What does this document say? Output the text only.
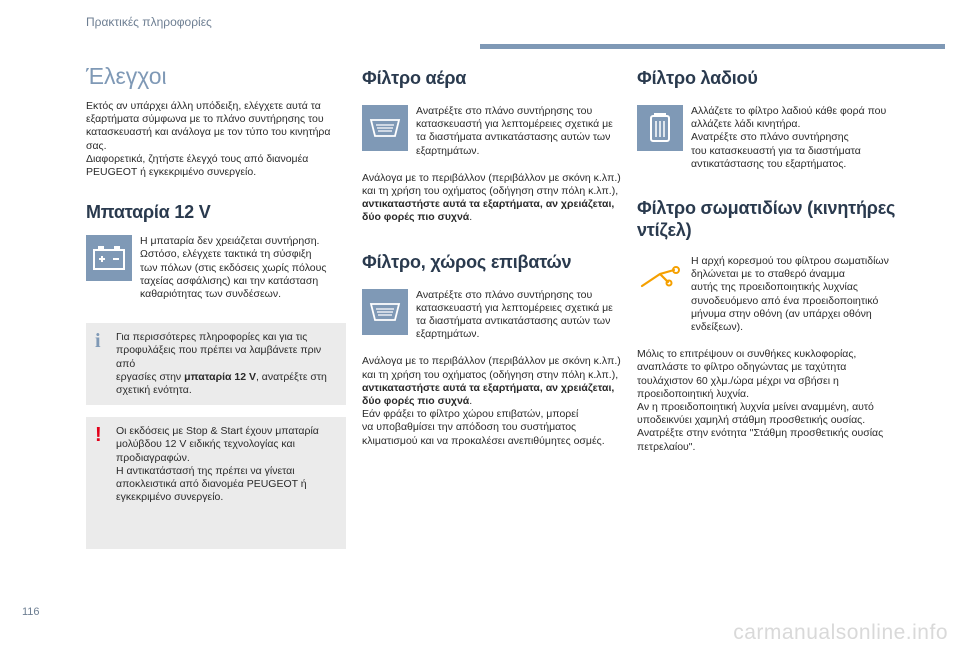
Πρακτικές πληροφορίες
Έλεγχοι
Εκτός αν υπάρχει άλλη υπόδειξη, ελέγχετε αυτά τα
εξαρτήματα σύμφωνα με το πλάνο συντήρησης του
κατασκευαστή και ανάλογα με τον τύπο του κινητήρα
σας.
Διαφορετικά, ζητήστε έλεγχό τους από διανομέα
PEUGEOT ή εγκεκριμένο συνεργείο.
Μπαταρία 12 V
Η μπαταρία δεν χρειάζεται συντήρηση.
Ωστόσο, ελέγχετε τακτικά τη σύσφιξη
των πόλων (στις εκδόσεις χωρίς πόλους
ταχείας ασφάλισης) και την κατάσταση
καθαριότητας των συνδέσεων.
i Για περισσότερες πληροφορίες και για τις
προφυλάξεις που πρέπει να λαμβάνετε πριν από
εργασίες στην μπαταρία 12 V, ανατρέξτε στη
σχετική ενότητα.
! Οι εκδόσεις με Stop & Start έχουν μπαταρία
μολύβδου 12 V ειδικής τεχνολογίας και
προδιαγραφών.
Η αντικατάστασή της πρέπει να γίνεται
αποκλειστικά από διανομέα PEUGEOT ή
εγκεκριμένο συνεργείο.
Φίλτρο αέρα
Ανατρέξτε στο πλάνο συντήρησης του
κατασκευαστή για λεπτομέρειες σχετικά με
τα διαστήματα αντικατάστασης αυτών των
εξαρτημάτων.
Ανάλογα με το περιβάλλον (περιβάλλον με σκόνη κ.λπ.)
και τη χρήση του οχήματος (οδήγηση στην πόλη κ.λπ.),
αντικαταστήστε αυτά τα εξαρτήματα, αν χρειάζεται,
δύο φορές πιο συχνά.
Φίλτρο, χώρος επιβατών
Ανατρέξτε στο πλάνο συντήρησης του
κατασκευαστή για λεπτομέρειες σχετικά με
τα διαστήματα αντικατάστασης αυτών των
εξαρτημάτων.
Ανάλογα με το περιβάλλον (περιβάλλον με σκόνη κ.λπ.)
και τη χρήση του οχήματος (οδήγηση στην πόλη κ.λπ.),
αντικαταστήστε αυτά τα εξαρτήματα, αν χρειάζεται,
δύο φορές πιο συχνά.
Εάν φράξει το φίλτρο χώρου επιβατών, μπορεί
να υποβαθμίσει την απόδοση του συστήματος
κλιματισμού και να προκαλέσει ανεπιθύμητες οσμές.
Φίλτρο λαδιού
Αλλάζετε το φίλτρο λαδιού κάθε φορά που
αλλάζετε λάδι κινητήρα.
Ανατρέξτε στο πλάνο συντήρησης
του κατασκευαστή για τα διαστήματα
αντικατάστασης του εξαρτήματος.
Φίλτρο σωματιδίων (κινητήρες ντίζελ)
Η αρχή κορεσμού του φίλτρου σωματιδίων
δηλώνεται με το σταθερό άναμμα
αυτής της προειδοποιητικής λυχνίας
συνοδευόμενο από ένα προειδοποιητικό
μήνυμα στην οθόνη (αν υπάρχει οθόνη
ενδείξεων).
Μόλις το επιτρέψουν οι συνθήκες κυκλοφορίας,
αναπλάστε το φίλτρο οδηγώντας με ταχύτητα
τουλάχιστον 60 χλμ./ώρα μέχρι να σβήσει η
προειδοποιητική λυχνία.
Αν η προειδοποιητική λυχνία μείνει αναμμένη, αυτό
υποδεικνύει χαμηλή στάθμη προσθετικής ουσίας.
Ανατρέξτε στην ενότητα "Στάθμη προσθετικής ουσίας
πετρελαίου".
116
carmanualsonline.info
